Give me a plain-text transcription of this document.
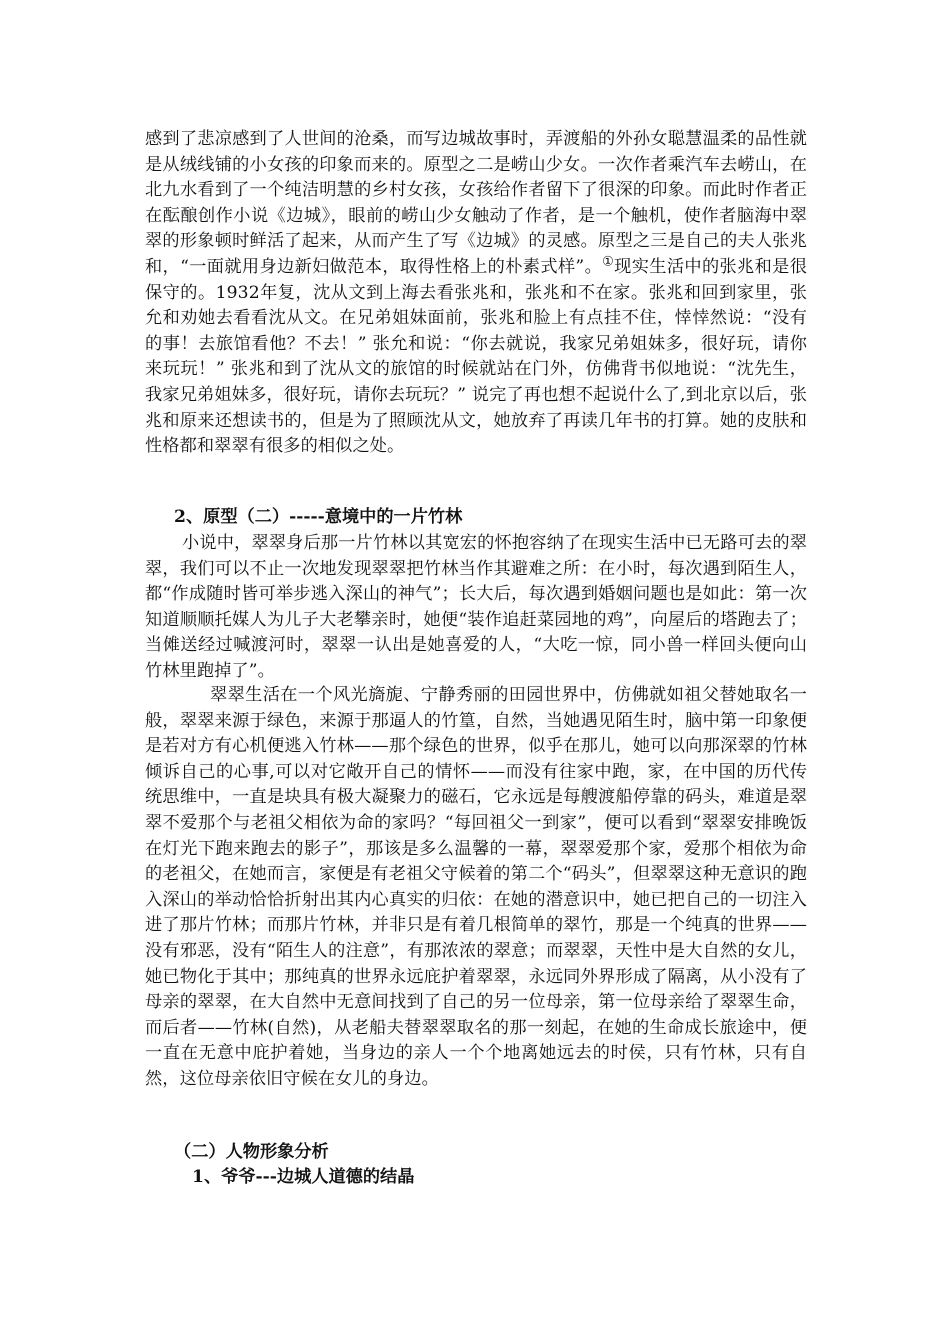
感到了悲凉感到了人世间的沧桑，而写边城故事时，弄渡船的外孙女聪慧温柔的品性就是从绒线铺的小女孩的印象而来的。原型之二是崂山少女。一次作者乘汽车去崂山，在北九水看到了一个纯洁明慧的乡村女孩，女孩给作者留下了很深的印象。而此时作者正在酝酿创作小说《边城》，眼前的崂山少女触动了作者，是一个触机，使作者脑海中翠翠的形象顿时鲜活了起来，从而产生了写《边城》的灵感。原型之三是自己的夫人张兆和，“一面就用身边新妇做范本，取得性格上的朴素式样”。①现实生活中的张兆和是很保守的。1932年复，沈从文到上海去看张兆和，张兆和不在家。张兆和回到家里，张允和劝她去看看沈从文。在兄弟姐妹面前，张兆和脸上有点挂不住，悻悻然说：“没有的事！去旅馆看他？不去！” 张允和说：“你去就说，我家兄弟姐妹多，很好玩，请你来玩玩！” 张兆和到了沈从文的旅馆的时候就站在门外，仿佛背书似地说：“沈先生，我家兄弟姐妹多，很好玩，请你去玩玩？” 说完了再也想不起说什么了,到北京以后，张兆和原来还想读书的，但是为了照顾沈从文，她放弃了再读几年书的打算。她的皮肤和性格都和翠翠有很多的相似之处。
2、原型（二）-----意境中的一片竹林
小说中，翠翠身后那一片竹林以其宽宏的怀抱容纳了在现实生活中已无路可去的翠翠，我们可以不止一次地发现翠翠把竹林当作其避难之所：在小时，每次遇到陌生人，都“作成随时皆可举步逃入深山的神气”；长大后，每次遇到婚姻问题也是如此：第一次知道顺顺托媒人为儿子大老攀亲时，她便“装作追赶菜园地的鸡”，向屋后的塔跑去了；当傩送经过喊渡河时，翠翠一认出是她喜爱的人，“大吃一惊，同小兽一样回头便向山竹林里跑掉了”。
翠翠生活在一个风光旖旎、宁静秀丽的田园世界中，仿佛就如祖父替她取名一般，翠翠来源于绿色，来源于那逼人的竹篁，自然，当她遇见陌生时，脑中第一印象便是若对方有心机便逃入竹林——那个绿色的世界，似乎在那儿，她可以向那深翠的竹林倾诉自己的心事,可以对它敞开自己的情怀——而没有往家中跑，家，在中国的历代传统思维中，一直是块具有极大凝聚力的磁石，它永远是每艘渡船停靠的码头，难道是翠翠不爱那个与老祖父相依为命的家吗？“每回祖父一到家”，便可以看到“翠翠安排晚饭在灯光下跑来跑去的影子”，那该是多么温馨的一幕，翠翠爱那个家，爱那个相依为命的老祖父，在她而言，家便是有老祖父守候着的第二个“码头”，但翠翠这种无意识的跑入深山的举动恰恰折射出其内心真实的归依：在她的潜意识中，她已把自己的一切注入进了那片竹林；而那片竹林，并非只是有着几根简单的翠竹，那是一个纯真的世界——没有邪恶，没有“陌生人的注意”，有那浓浓的翠意；而翠翠，天性中是大自然的女儿，她已物化于其中；那纯真的世界永远庇护着翠翠，永远同外界形成了隔离，从小没有了母亲的翠翠，在大自然中无意间找到了自己的另一位母亲，第一位母亲给了翠翠生命，而后者——竹林(自然)，从老船夫替翠翠取名的那一刻起，在她的生命成长旅途中，便一直在无意中庇护着她，当身边的亲人一个个地离她远去的时侯，只有竹林，只有自然，这位母亲依旧守候在女儿的身边。
（二）人物形象分析
1、爷爷---边城人道德的结晶
